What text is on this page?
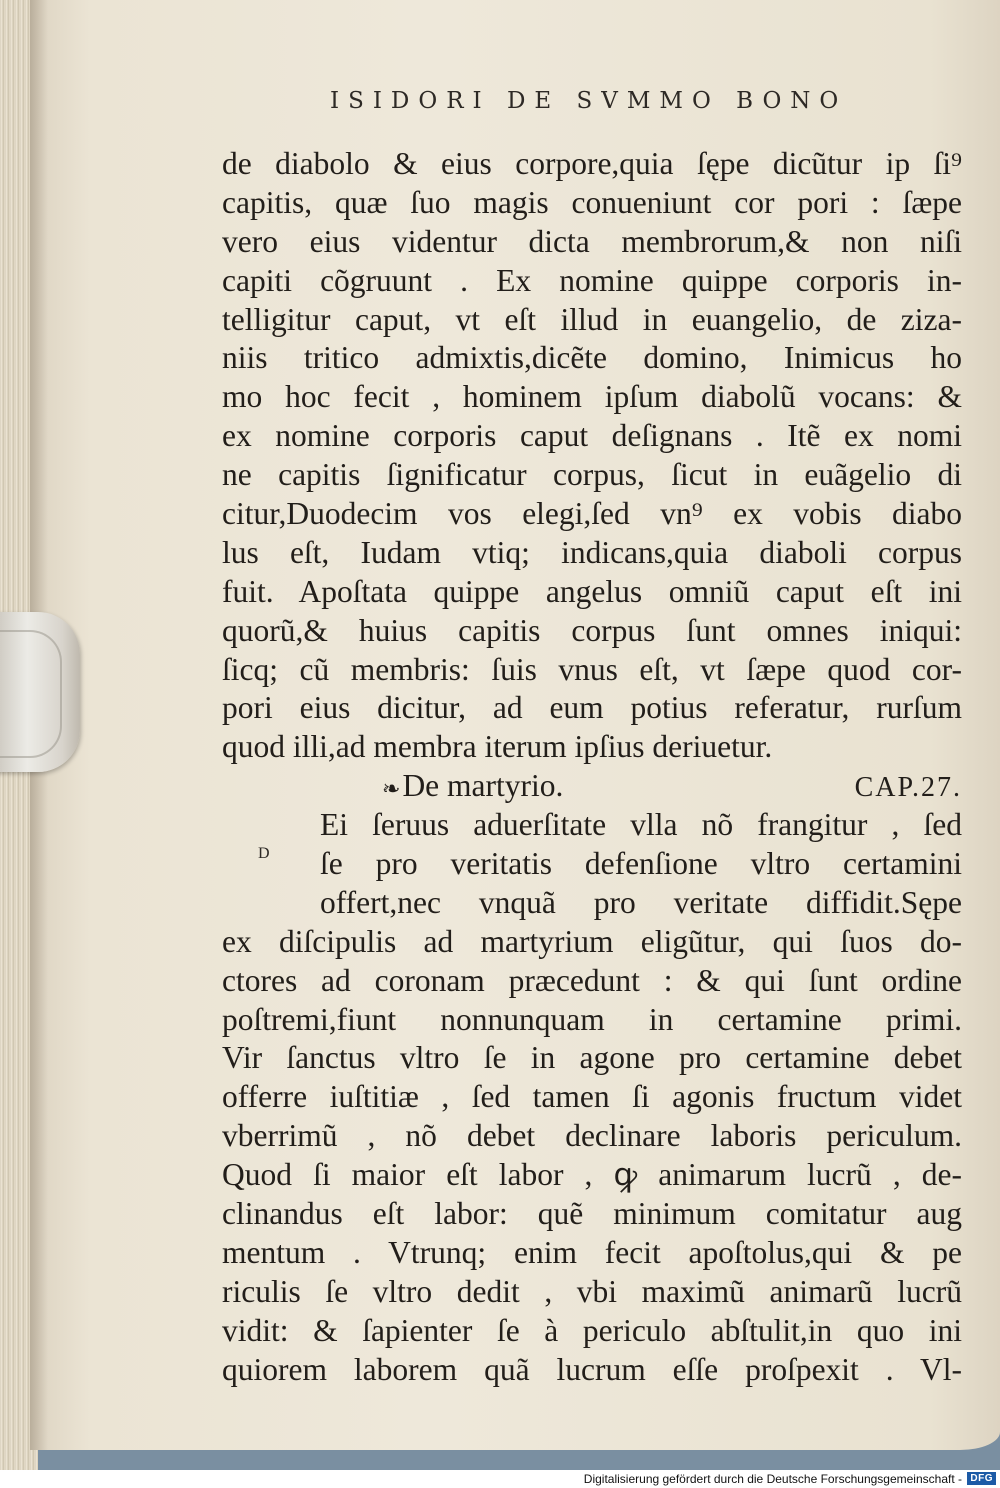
ISIDORI DE SVMMO BONO
de diabolo & eius corpore,quia ſępe dicũtur ip ſi⁹
capitis, quæ ſuo magis conueniunt cor pori : ſæpe
vero eius videntur dicta membrorum,& non niſi
capiti cõgruunt . Ex nomine quippe corporis in-
telligitur caput, vt eſt illud in euangelio, de ziza-
niis tritico admixtis,dicẽte domino, Inimicus ho
mo hoc fecit , hominem ipſum diabolũ vocans: &
ex nomine corporis caput deſignans . Itẽ ex nomi
ne capitis ſignificatur corpus, ſicut in euãgelio di
citur,Duodecim vos elegi,ſed vn⁹ ex vobis diabo
lus eſt, Iudam vtiq; indicans,quia diaboli corpus
fuit. Apoſtata quippe angelus omniũ caput eſt ini
quorũ,& huius capitis corpus ſunt omnes iniqui:
ſicq; cũ membris: ſuis vnus eſt, vt ſæpe quod cor-
pori eius dicitur, ad eum potius referatur, rurſum
quod illi,ad membra iterum ipſius deriuetur.
❧De martyrio.	CAP.27.
Ei ſeruus aduerſitate vlla nõ frangitur , ſed
ſe pro veritatis defenſione vltro certamini
offert,nec vnquã pro veritate diffidit.Sępe
ex diſcipulis ad martyrium eligũtur, qui ſuos do-
ctores ad coronam præcedunt : & qui ſunt ordine
poſtremi,fiunt nonnunquam in certamine primi.
Vir ſanctus vltro ſe in agone pro certamine debet
offerre iuſtitiæ , ſed tamen ſi agonis fructum videt
vberrimũ , nõ debet declinare laboris periculum.
Quod ſi maior eſt labor , ꝙ animarum lucrũ , de-
clinandus eſt labor: quẽ minimum comitatur aug
mentum . Vtrunq; enim fecit apoſtolus,qui & pe
riculis ſe vltro dedit , vbi maximũ animarũ lucrũ
vidit: & ſapienter ſe à periculo abſtulit,in quo ini
quiorem laborem quã lucrum eſſe proſpexit . Vl-
D
Digitalisierung gefördert durch die Deutsche Forschungsgemeinschaft - DFG
